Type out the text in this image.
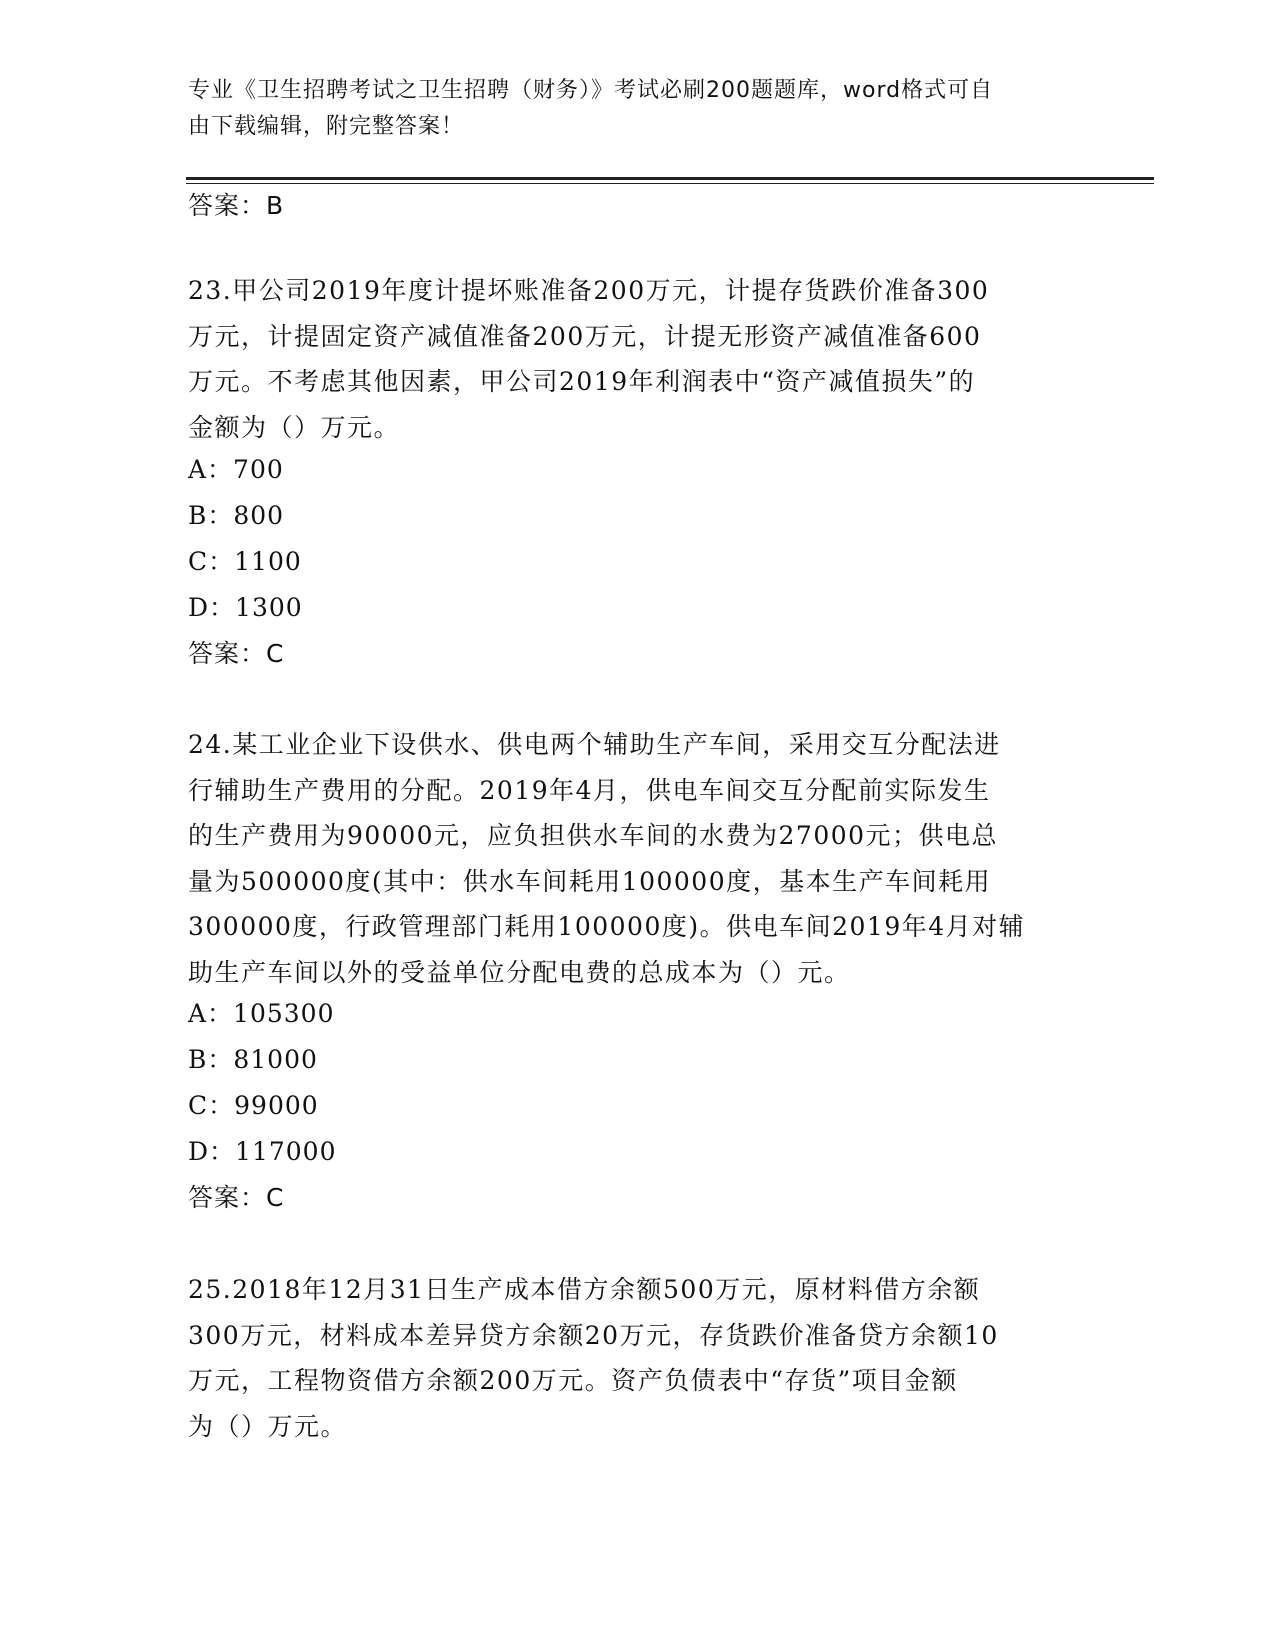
专业《卫生招聘考试之卫生招聘（财务）》考试必刷200题题库，word格式可自
由下载编辑，附完整答案！
答案：B
23.甲公司2019年度计提坏账准备200万元，计提存货跌价准备300
万元，计提固定资产减值准备200万元，计提无形资产减值准备600
万元。不考虑其他因素，甲公司2019年利润表中“资产减值损失”的
金额为（）万元。
A：700
B：800
C：1100
D：1300
答案：C
24.某工业企业下设供水、供电两个辅助生产车间，采用交互分配法进
行辅助生产费用的分配。2019年4月，供电车间交互分配前实际发生
的生产费用为90000元，应负担供水车间的水费为27000元；供电总
量为500000度(其中：供水车间耗用100000度，基本生产车间耗用
300000度，行政管理部门耗用100000度)。供电车间2019年4月对辅
助生产车间以外的受益单位分配电费的总成本为（）元。
A：105300
B：81000
C：99000
D：117000
答案：C
25.2018年12月31日生产成本借方余额500万元，原材料借方余额
300万元，材料成本差异贷方余额20万元，存货跌价准备贷方余额10
万元，工程物资借方余额200万元。资产负债表中“存货”项目金额
为（）万元。
